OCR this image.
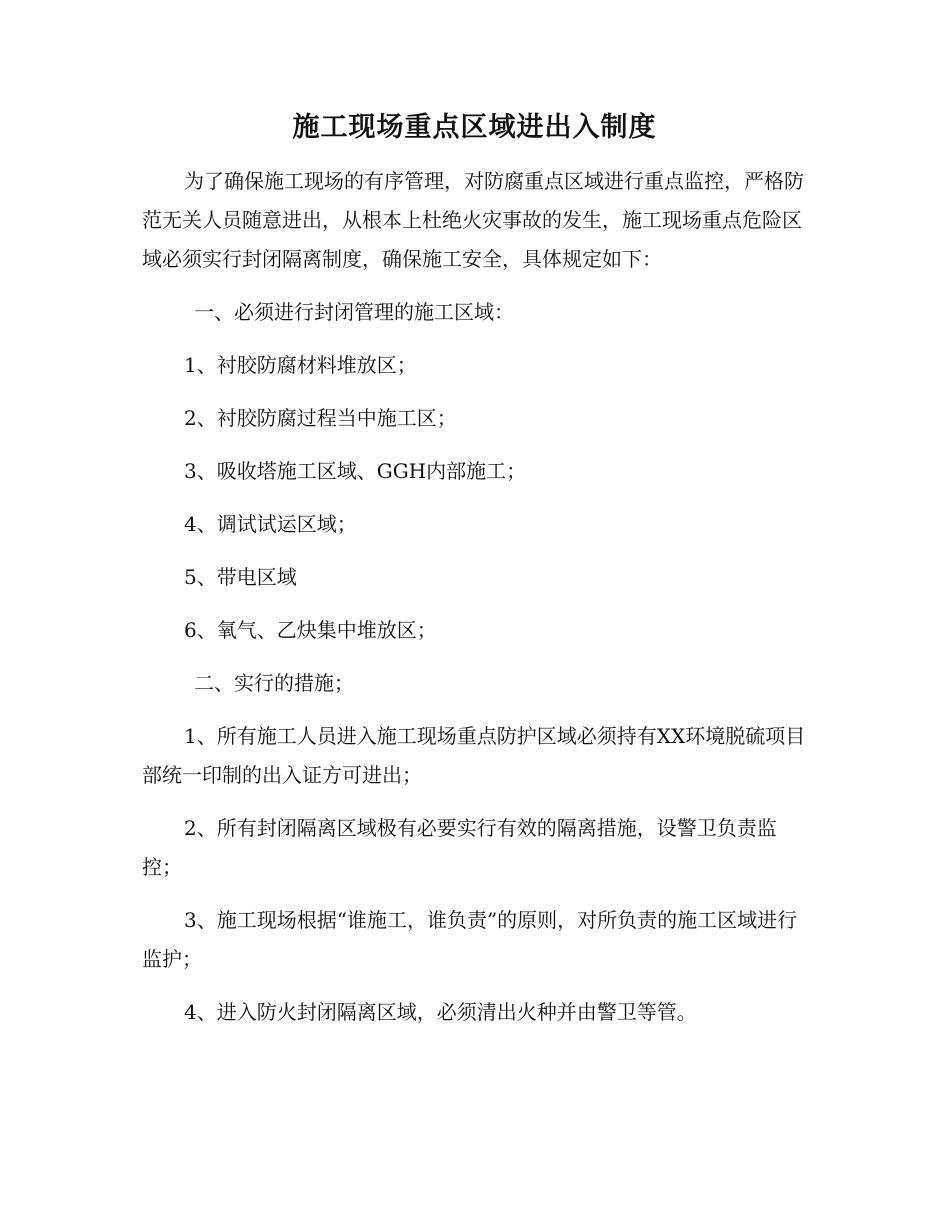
施工现场重点区域进出入制度

为了确保施工现场的有序管理，对防腐重点区域进行重点监控，严格防范无关人员随意进出，从根本上杜绝火灾事故的发生，施工现场重点危险区域必须实行封闭隔离制度，确保施工安全，具体规定如下：

一、必须进行封闭管理的施工区域：

1、衬胶防腐材料堆放区；

2、衬胶防腐过程当中施工区；

3、吸收塔施工区域、GGH内部施工；

4、调试试运区域；

5、带电区域

6、氧气、乙炔集中堆放区；

二、实行的措施；

1、所有施工人员进入施工现场重点防护区域必须持有XX环境脱硫项目部统一印制的出入证方可进出；

2、所有封闭隔离区域极有必要实行有效的隔离措施，设警卫负责监控；

3、施工现场根据“谁施工，谁负责”的原则，对所负责的施工区域进行监护；

4、进入防火封闭隔离区域，必须清出火种并由警卫等管。
